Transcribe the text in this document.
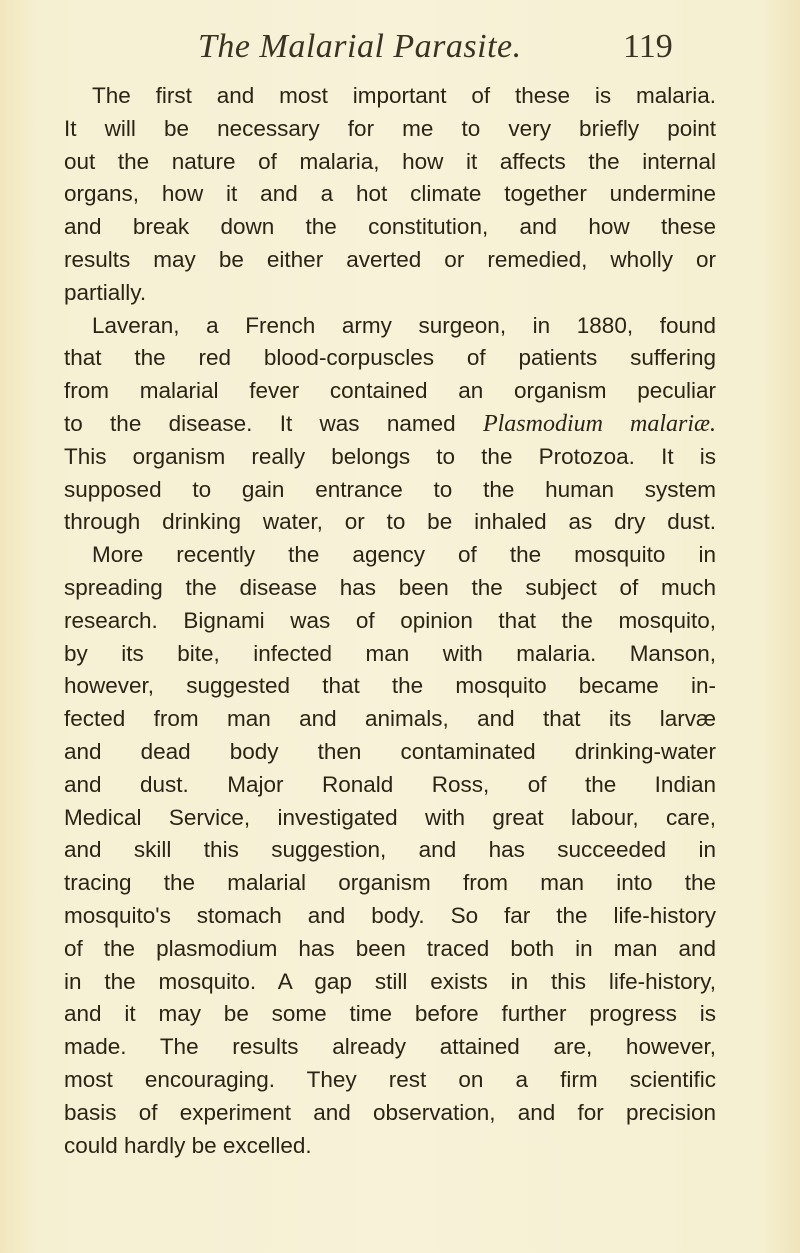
The Malarial Parasite.	119
The first and most important of these is malaria.
It will be necessary for me to very briefly point
out the nature of malaria, how it affects the internal
organs, how it and a hot climate together undermine
and break down the constitution, and how these
results may be either averted or remedied, wholly or
partially.
Laveran, a French army surgeon, in 1880, found
that the red blood-corpuscles of patients suffering
from malarial fever contained an organism peculiar
to the disease. It was named Plasmodium malariæ.
This organism really belongs to the Protozoa. It is
supposed to gain entrance to the human system
through drinking water, or to be inhaled as dry dust.
More recently the agency of the mosquito in
spreading the disease has been the subject of much
research. Bignami was of opinion that the mosquito,
by its bite, infected man with malaria. Manson,
however, suggested that the mosquito became in-
fected from man and animals, and that its larvæ
and dead body then contaminated drinking-water
and dust. Major Ronald Ross, of the Indian
Medical Service, investigated with great labour, care,
and skill this suggestion, and has succeeded in
tracing the malarial organism from man into the
mosquito's stomach and body. So far the life-history
of the plasmodium has been traced both in man and
in the mosquito. A gap still exists in this life-history,
and it may be some time before further progress is
made. The results already attained are, however,
most encouraging. They rest on a firm scientific
basis of experiment and observation, and for precision
could hardly be excelled.
